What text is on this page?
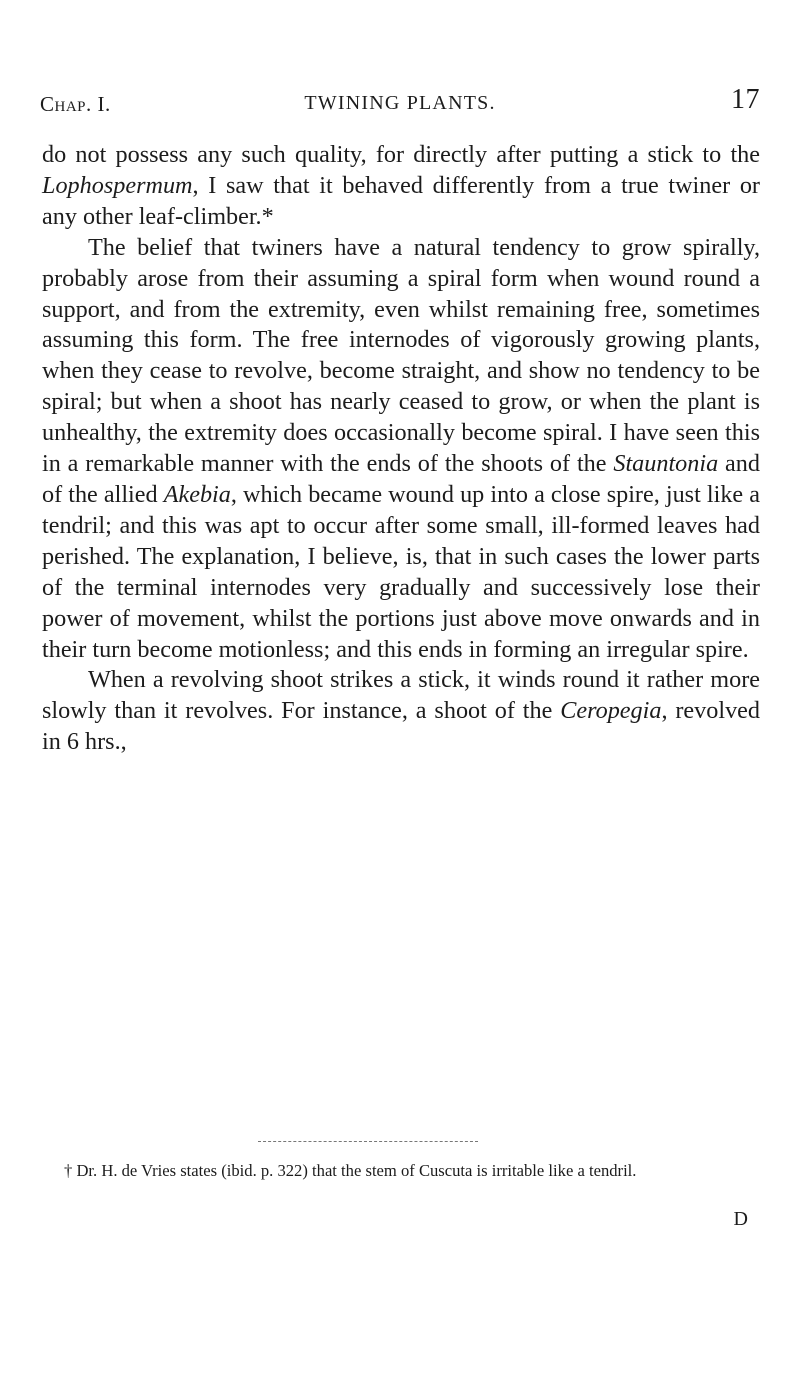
Chap. I.	TWINING PLANTS.	17

do not possess any such quality, for directly after putting a stick to the Lophospermum, I saw that it behaved differently from a true twiner or any other leaf-climber.*

The belief that twiners have a natural tendency to grow spirally, probably arose from their assuming a spiral form when wound round a support, and from the extremity, even whilst remaining free, sometimes assuming this form. The free internodes of vigorously growing plants, when they cease to revolve, become straight, and show no tendency to be spiral; but when a shoot has nearly ceased to grow, or when the plant is unhealthy, the extremity does occasionally become spiral. I have seen this in a remarkable manner with the ends of the shoots of the Stauntonia and of the allied Akebia, which became wound up into a close spire, just like a tendril; and this was apt to occur after some small, ill-formed leaves had perished. The explanation, I believe, is, that in such cases the lower parts of the terminal internodes very gradually and successively lose their power of movement, whilst the portions just above move onwards and in their turn become motionless; and this ends in forming an irregular spire.

When a revolving shoot strikes a stick, it winds round it rather more slowly than it revolves. For instance, a shoot of the Ceropegia, revolved in 6 hrs.,

† Dr. H. de Vries states (ibid. p. 322) that the stem of Cuscuta is irritable like a tendril.

D
